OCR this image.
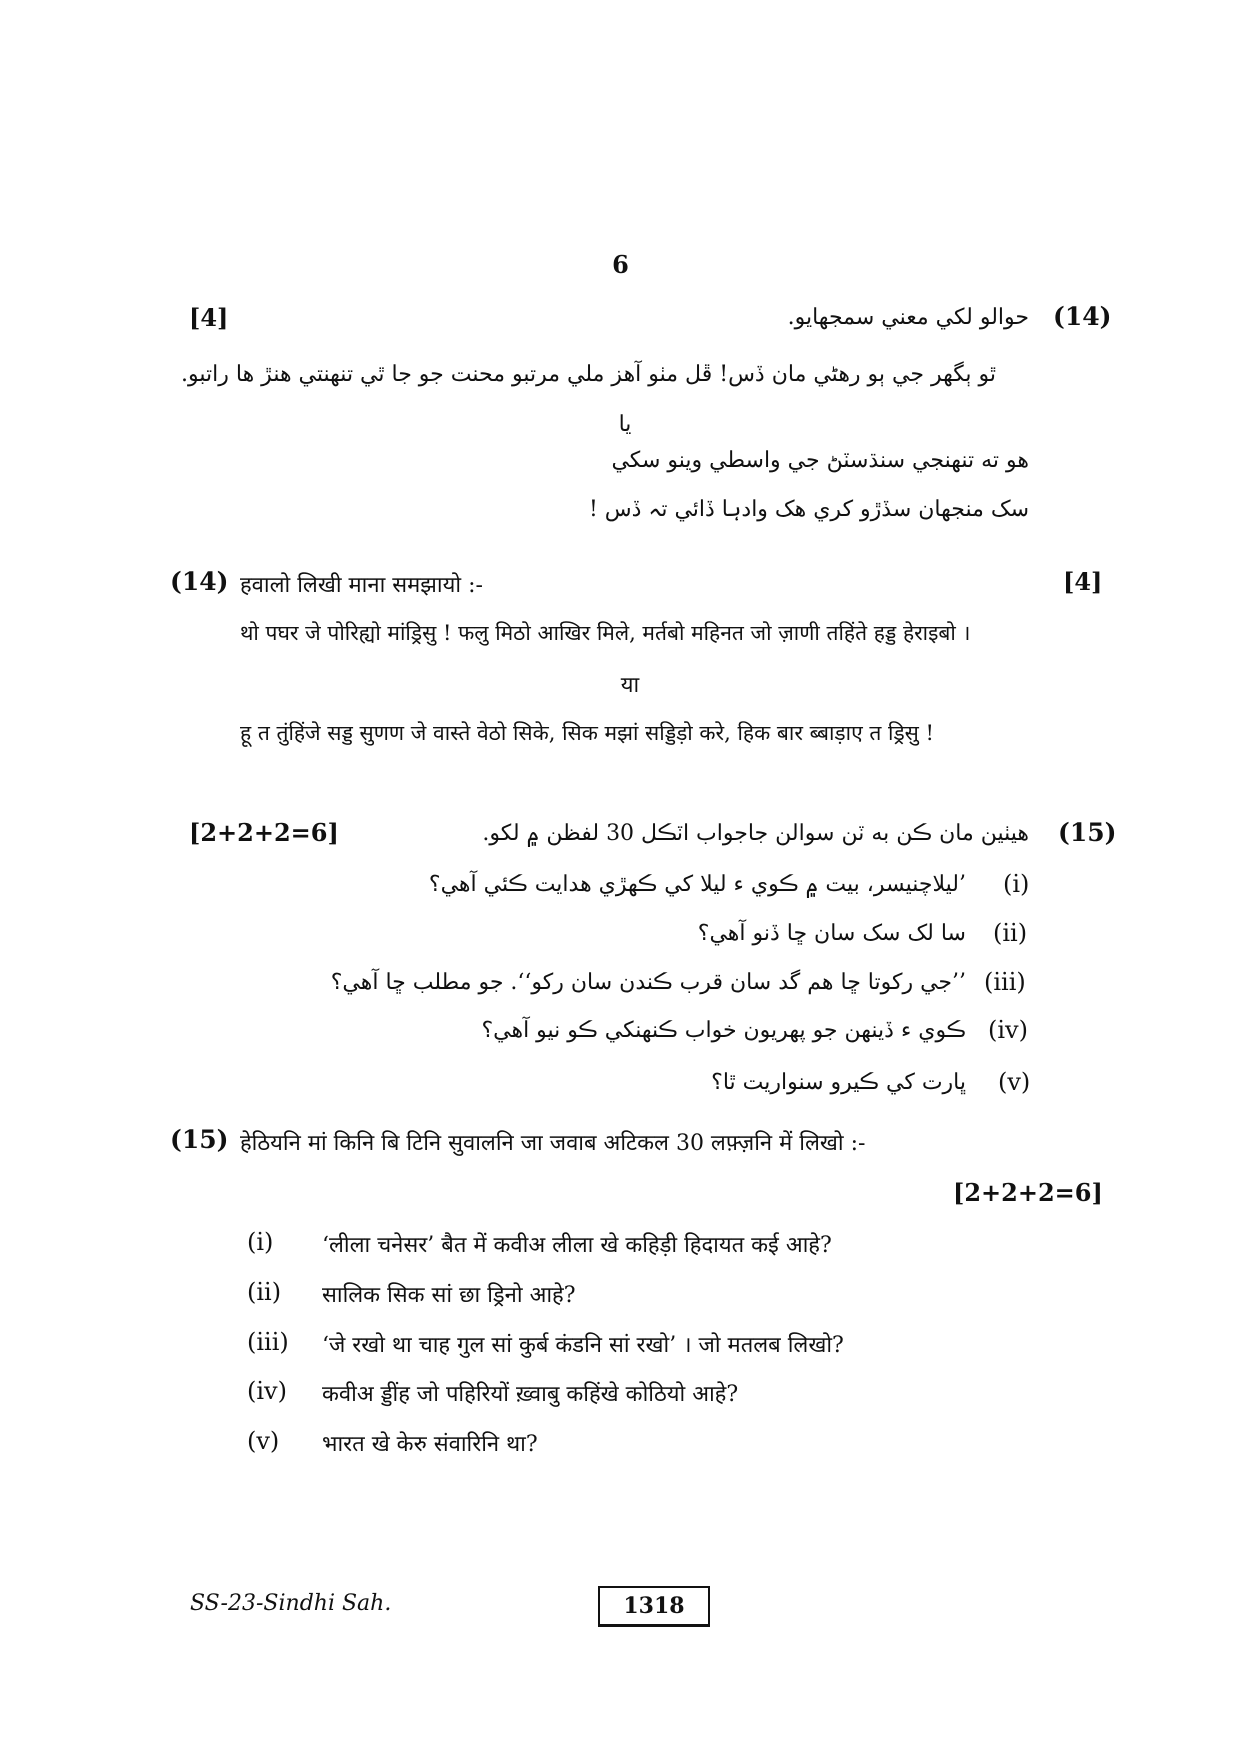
6
(14)
حوالو لکي معني سمجهايو.
[4]
ٿو ٻگهر جي ٻو رهڻي مان ڏس! ڦل مٺو آهز ملي مرتبو محنت جو جا ٿي تنهنتي هنڙ ها راتبو.
يا
هو ته تنهنجي سنڌسٽڻ جي واسطي وينو سکي
سک منجهان سڏڙو کري هک وادہا ڏائي تہ ڏس !
(14) हवालो लिखी माना समझायो :-	[4]
थो पघर जे पोरिह्यो मांड्रिसु ! फलु मिठो आखिर मिले, मर्तबो महिनत जो ज़ाणी तहिंते हड्ड हेराइबो ।
या
हू त तुंहिंजे सड्ड सुणण जे वास्ते वेठो सिके, सिक मझां सड्डिड़ो करे, हिक बार ब्बाड़ाए त ड्रिसु !
(15)
هيٺين مان ڪن به ٽن سوالن جاجواب اٽڪل 30 لفظن ۾ لکو.
[2+2+2=6]
(i)
’ليلاچنيسر، بيت ۾ ڪوي ء ليلا کي ڪهڙي هدايت ڪئي آهي؟
(ii)
سا لک سک سان ڇا ڏنو آهي؟
(iii)
’’جي رکوتا ڇا هم گد سان قرب ڪندن سان رکو‘‘. جو مطلب ڇا آهي؟
(iv)
ڪوي ء ڏينهن جو پهريون خواب ڪنهنکي ڪو نيو آهي؟
(v)
ڀارت کي ڪيرو سنواريت ٿا؟
(15) हेठियनि मां किनि बि टिनि सुवालनि जा जवाब अटिकल 30 लफ़्ज़नि में लिखो :-
[2+2+2=6]
(i) ‘लीला चनेसर’ बैत में कवीअ लीला खे कहिड़ी हिदायत कई आहे?
(ii) सालिक सिक सां छा ड्रिनो आहे?
(iii) ‘जे रखो था चाह गुल सां कुर्ब कंडनि सां रखो’ । जो मतलब लिखो?
(iv) कवीअ ड्डींह जो पहिरियों ख़्वाबु कहिंखे कोठियो आहे?
(v) भारत खे केरु संवारिनि था?
SS-23-Sindhi Sah.	1318
